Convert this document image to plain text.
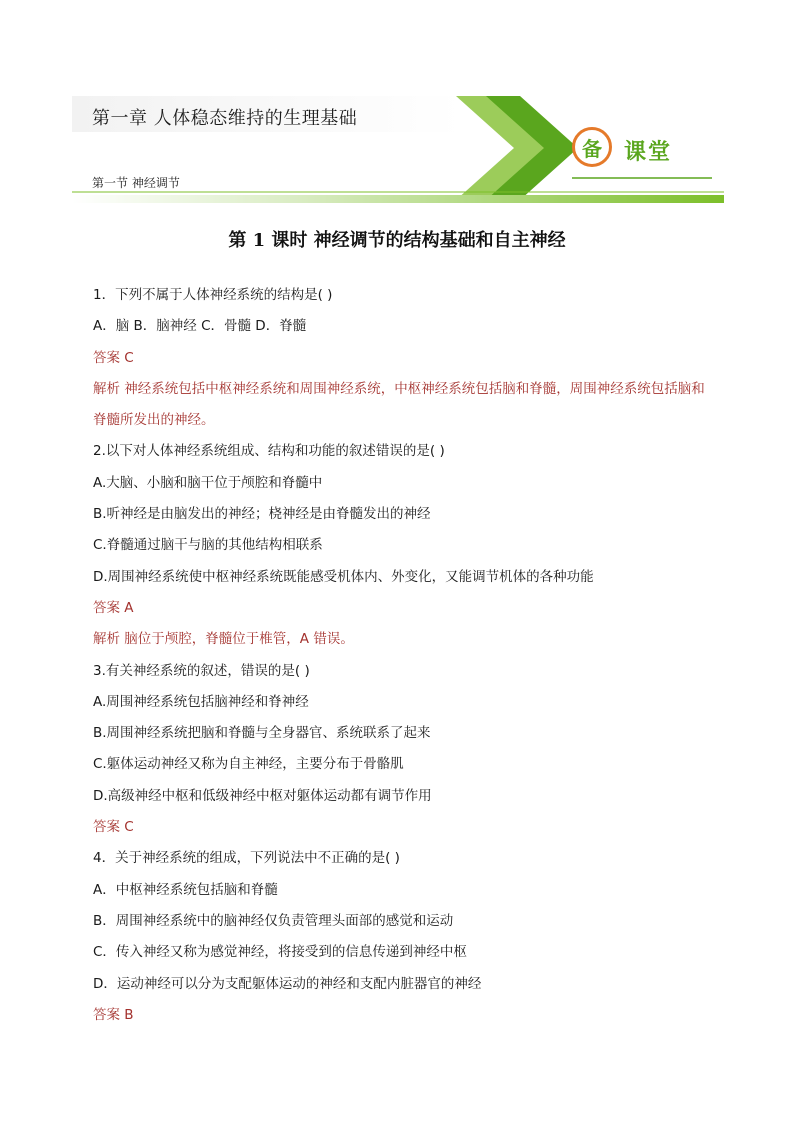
第一章 人体稳态维持的生理基础
第一节 神经调节
备	课堂
第 1 课时 神经调节的结构基础和自主神经
1．下列不属于人体神经系统的结构是( )
A．脑 B．脑神经 C．骨髓 D．脊髓
答案 C
解析 神经系统包括中枢神经系统和周围神经系统，中枢神经系统包括脑和脊髓，周围神经系统包括脑和脊髓所发出的神经。
2.以下对人体神经系统组成、结构和功能的叙述错误的是( )
A.大脑、小脑和脑干位于颅腔和脊髓中
B.听神经是由脑发出的神经；桡神经是由脊髓发出的神经
C.脊髓通过脑干与脑的其他结构相联系
D.周围神经系统使中枢神经系统既能感受机体内、外变化，又能调节机体的各种功能
答案 A
解析 脑位于颅腔，脊髓位于椎管，A 错误。
3.有关神经系统的叙述，错误的是( )
A.周围神经系统包括脑神经和脊神经
B.周围神经系统把脑和脊髓与全身器官、系统联系了起来
C.躯体运动神经又称为自主神经，主要分布于骨骼肌
D.高级神经中枢和低级神经中枢对躯体运动都有调节作用
答案 C
4．关于神经系统的组成，下列说法中不正确的是( )
A．中枢神经系统包括脑和脊髓
B．周围神经系统中的脑神经仅负责管理头面部的感觉和运动
C．传入神经又称为感觉神经，将接受到的信息传递到神经中枢
D．运动神经可以分为支配躯体运动的神经和支配内脏器官的神经
答案 B
